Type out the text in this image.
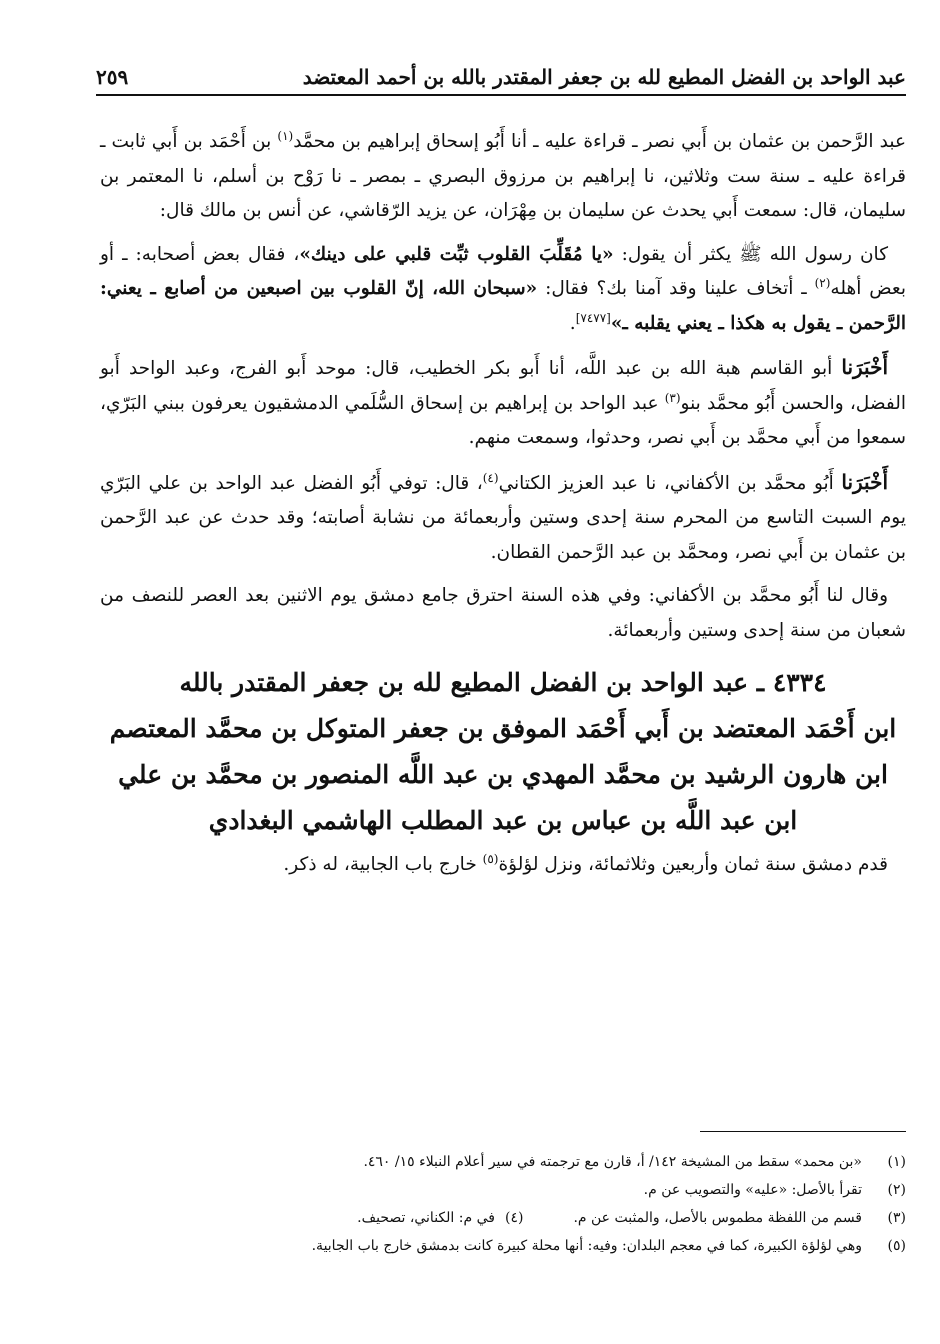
عبد الواحد بن الفضل المطيع لله بن جعفر المقتدر بالله بن أحمد المعتضد
٢٥٩

عبد الرَّحمن بن عثمان بن أَبي نصر ـ قراءة عليه ـ أنا أَبُو إسحاق إبراهيم بن محمَّد$^{(١)}$ بن أَحْمَد بن أَبي ثابت ـ قراءة عليه ـ سنة ست وثلاثين، نا إبراهيم بن مرزوق البصري ـ بمصر ـ نا رَوْح بن أسلم، نا المعتمر بن سليمان، قال: سمعت أَبي يحدث عن سليمان بن مِهْرَان، عن يزيد الرّقاشي، عن أنس بن مالك قال:

كان رسول الله ﷺ يكثر أن يقول: «يا مُقَلِّبَ القلوب ثبِّت قلبي على دينك»، فقال بعض أصحابه: ـ أو بعض أهله$^{(٢)}$ ـ أتخاف علينا وقد آمنا بك؟ فقال: «سبحان الله، إنّ القلوب بين اصبعين من أصابع ـ يعني: الرَّحمن ـ يقول به هكذا ـ يعني يقلبه ـ»[٧٤٧٧].

أَخْبَرَنا أبو القاسم هبة الله بن عبد اللَّه، أنا أَبو بكر الخطيب، قال: موحد أَبو الفرج، وعبد الواحد أَبو الفضل، والحسن أَبُو محمَّد بنو$^{(٣)}$ عبد الواحد بن إبراهيم بن إسحاق السُّلَمي الدمشقيون يعرفون ببني البَرّي، سمعوا من أَبي محمَّد بن أَبي نصر، وحدثوا، وسمعت منهم.

أَخْبَرَنا أَبُو محمَّد بن الأكفاني، نا عبد العزيز الكتاني$^{(٤)}$، قال: توفي أَبُو الفضل عبد الواحد بن علي البَرّي يوم السبت التاسع من المحرم سنة إحدى وستين وأربعمائة من نشابة أصابته؛ وقد حدث عن عبد الرَّحمن بن عثمان بن أَبي نصر، ومحمَّد بن عبد الرَّحمن القطان.

وقال لنا أَبُو محمَّد بن الأكفاني: وفي هذه السنة احترق جامع دمشق يوم الاثنين بعد العصر للنصف من شعبان من سنة إحدى وستين وأربعمائة.

٤٣٣٤ ـ عبد الواحد بن الفضل المطيع لله بن جعفر المقتدر بالله
ابن أَحْمَد المعتضد بن أَبي أَحْمَد الموفق بن جعفر المتوكل بن محمَّد المعتصم
ابن هارون الرشيد بن محمَّد المهدي بن عبد اللَّه المنصور بن محمَّد بن علي
ابن عبد اللَّه بن عباس بن عبد المطلب الهاشمي البغدادي

قدم دمشق سنة ثمان وأربعين وثلاثمائة، ونزل لؤلؤة$^{(٥)}$ خارج باب الجابية، له ذكر.

(١)
«بن محمد» سقط من المشيخة ١٤٢/ أ، قارن مع ترجمته في سير أعلام النبلاء ١٥/ ٤٦٠.
(٢)
تقرأ بالأصل: «عليه» والتصويب عن م.
(٣)
قسم من اللفظة مطموس بالأصل، والمثبت عن م.
(٤)
في م: الكناني، تصحيف.
(٥)
وهي لؤلؤة الكبيرة، كما في معجم البلدان: وفيه: أنها محلة كبيرة كانت بدمشق خارج باب الجابية.
